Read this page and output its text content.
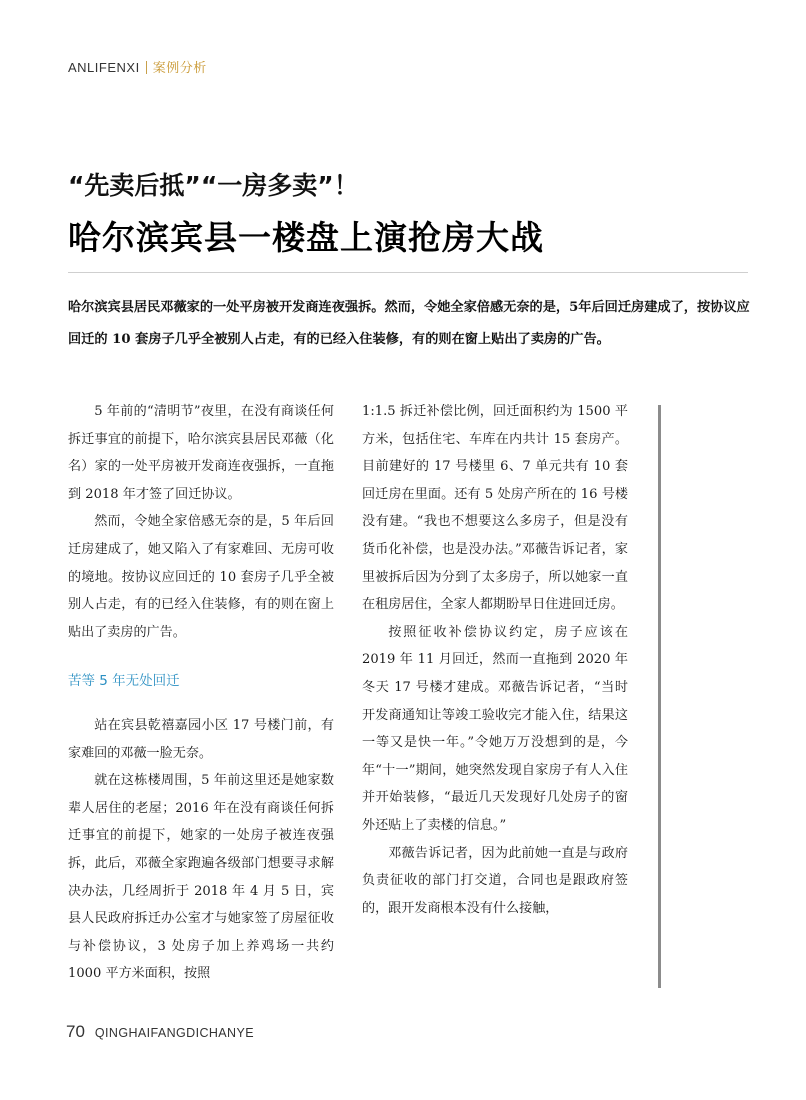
ANLIFENXI 案例分析
“先卖后抵”“一房多卖”！
哈尔滨宾县一楼盘上演抢房大战

哈尔滨宾县居民邓薇家的一处平房被开发商连夜强拆。然而，令她全家倍感无奈的是，5年后回迁房建成了，按协议应回迁的 10 套房子几乎全被别人占走，有的已经入住装修，有的则在窗上贴出了卖房的广告。

5 年前的“清明节”夜里，在没有商谈任何拆迁事宜的前提下，哈尔滨宾县居民邓薇（化名）家的一处平房被开发商连夜强拆，一直拖到 2018 年才签了回迁协议。

然而，令她全家倍感无奈的是，5 年后回迁房建成了，她又陷入了有家难回、无房可收的境地。按协议应回迁的 10 套房子几乎全被别人占走，有的已经入住装修，有的则在窗上贴出了卖房的广告。

苦等 5 年无处回迁

站在宾县乾禧嘉园小区 17 号楼门前，有家难回的邓薇一脸无奈。

就在这栋楼周围，5 年前这里还是她家数辈人居住的老屋；2016 年在没有商谈任何拆迁事宜的前提下，她家的一处房子被连夜强拆，此后，邓薇全家跑遍各级部门想要寻求解决办法，几经周折于 2018 年 4 月 5 日，宾县人民政府拆迁办公室才与她家签了房屋征收与补偿协议，3 处房子加上养鸡场一共约 1000 平方米面积，按照

1:1.5 拆迁补偿比例，回迁面积约为 1500 平方米，包括住宅、车库在内共计 15 套房产。目前建好的 17 号楼里 6、7 单元共有 10 套回迁房在里面。还有 5 处房产所在的 16 号楼没有建。“我也不想要这么多房子，但是没有货币化补偿，也是没办法。”邓薇告诉记者，家里被拆后因为分到了太多房子，所以她家一直在租房居住，全家人都期盼早日住进回迁房。

按照征收补偿协议约定，房子应该在 2019 年 11 月回迁，然而一直拖到 2020 年冬天 17 号楼才建成。邓薇告诉记者，“当时开发商通知让等竣工验收完才能入住，结果这一等又是快一年。”令她万万没想到的是，今年“十一”期间，她突然发现自家房子有人入住并开始装修，“最近几天发现好几处房子的窗外还贴上了卖楼的信息。”

邓薇告诉记者，因为此前她一直是与政府负责征收的部门打交道，合同也是跟政府签的，跟开发商根本没有什么接触，

70 QINGHAIFANGDICHANYE
